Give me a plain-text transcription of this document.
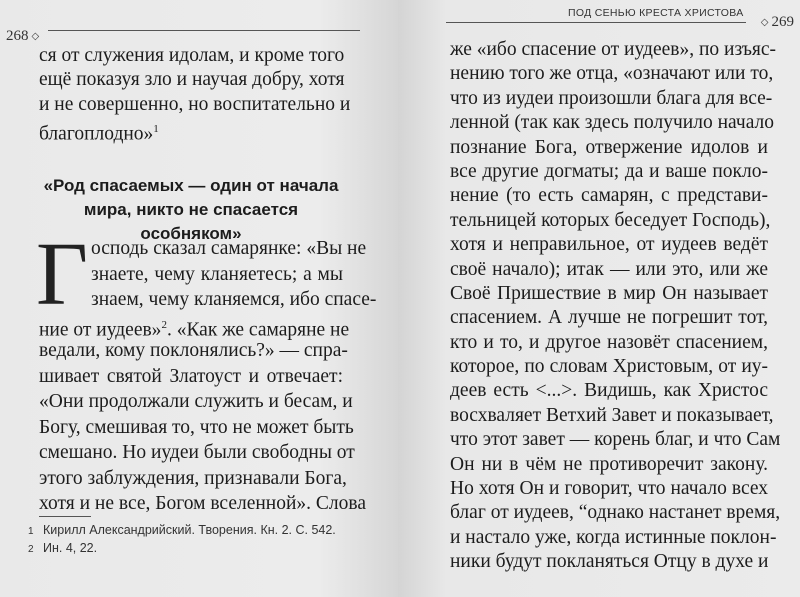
268 ◇
ся от служения идолам, и кроме того
ещё показуя зло и научая добру, хотя
и не совершенно, но воспитательно и
благоплодно»$^1$
«Род спасаемых — один от начала
мира, никто не спасается особняком»
Г осподь сказал самарянке: «Вы не
знаете, чему кланяетесь; а мы
знаем, чему кланяемся, ибо спасе-
ние от иудеев»$^2$. «Как же самаряне не
ведали, кому поклонялись?» — спра-
шивает святой Златоуст и отвечает:
«Они продолжали служить и бесам, и
Богу, смешивая то, что не может быть
смешано. Но иудеи были свободны от
этого заблуждения, признавали Бога,
хотя и не все, Богом вселенной». Слова
1 Кирилл Александрийский. Творения. Кн. 2. С. 542.
2 Ин. 4, 22.
ПОД СЕНЬЮ КРЕСТА ХРИСТОВА
◇ 269
же «ибо спасение от иудеев», по изъяс-
нению того же отца, «означают или то,
что из иудеи произошли блага для все-
ленной (так как здесь получило начало
познание Бога, отвержение идолов и
все другие догматы; да и ваше покло-
нение (то есть самарян, с представи-
тельницей которых беседует Господь),
хотя и неправильное, от иудеев ведёт
своё начало); итак — или это, или же
Своё Пришествие в мир Он называет
спасением. А лучше не погрешит тот,
кто и то, и другое назовёт спасением,
которое, по словам Христовым, от иу-
деев есть <...>. Видишь, как Христос
восхваляет Ветхий Завет и показывает,
что этот завет — корень благ, и что Сам
Он ни в чём не противоречит закону.
Но хотя Он и говорит, что начало всех
благ от иудеев, “однако настанет время,
и настало уже, когда истинные поклон-
ники будут покланяться Отцу в духе и
